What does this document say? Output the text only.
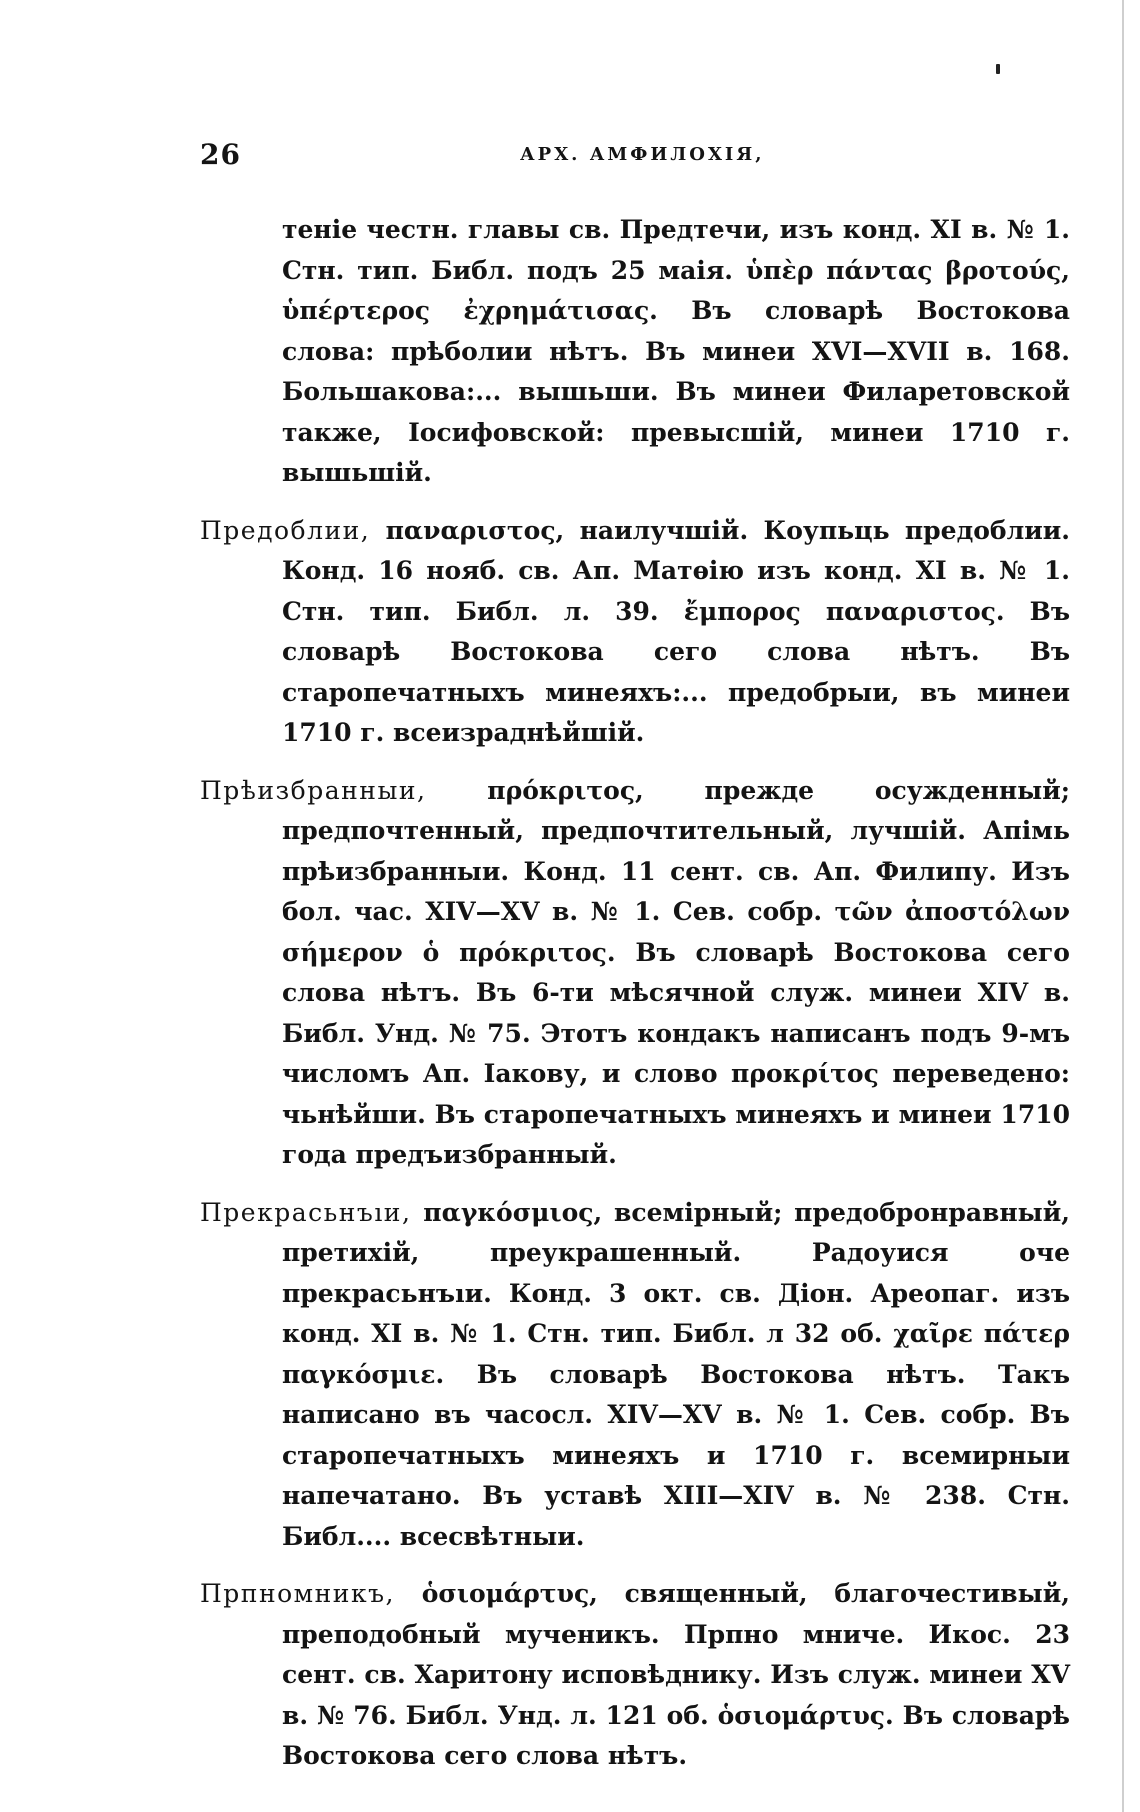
26	АРХ. АМФИЛОХІЯ,

теніе честн. главы св. Предтечи, изъ конд. XI в. № 1. Стн. тип. Библ. подъ 25 маія. ὑπὲρ πάντας βροτούς, ὑπέρτερος ἐχρημάτισας. Въ словарѣ Востокова слова: прѣболии нѣтъ. Въ минеи XVI—XVII в. 168. Большакова:... вышьши. Въ минеи Филаретовской также, Іосифовской: превысшій, минеи 1710 г. вышьшій.

Предоблии, παναριστος, наилучшій. Коупьць предоблии. Конд. 16 нояб. св. Ап. Матѳію изъ конд. XI в. № 1. Стн. тип. Библ. л. 39. ἔμπορος παναριστος. Въ словарѣ Востокова сего слова нѣтъ. Въ старопечатныхъ минеяхъ:... предобрыи, въ минеи 1710 г. всеизраднѣйшій.

Прѣизбранныи, πρόκριτος, прежде осужденный; предпочтенный, предпочтительный, лучшій. Апімь прѣизбранныи. Конд. 11 сент. св. Ап. Филипу. Изъ бол. час. XIV—XV в. № 1. Сев. собр. τῶν ἀποστόλων σήμερον ὁ πρόκριτος. Въ словарѣ Востокова сего слова нѣтъ. Въ 6-ти мѣсячной служ. минеи XIV в. Библ. Унд. № 75. Этотъ кондакъ написанъ подъ 9-мъ числомъ Ап. Іакову, и слово προκρίτος переведено: чьнѣйши. Въ старопечатныхъ минеяхъ и минеи 1710 года предъизбранный.

Прекрасьнъıи, παγκόσμιος, всемірный; предобронравный, претихій, преукрашенный. Радоуися оче прекрасьнъıи. Конд. 3 окт. св. Діон. Ареопаг. изъ конд. XI в. № 1. Стн. тип. Библ. л 32 об. χαῖρε πάτερ παγκόσμιε. Въ словарѣ Востокова нѣтъ. Такъ написано въ часосл. XIV—XV в. № 1. Сев. собр. Въ старопечатныхъ минеяхъ и 1710 г. всемирныи напечатано. Въ уставѣ XIII—XIV в. № 238. Стн. Библ.... всесвѣтныи.

Прпномникъ, ὁσιομάρτυς, священный, благочестивый, преподобный мученикъ. Прпно мниче. Икос. 23 сент. св. Харитону исповѣднику. Изъ служ. минеи XV в. № 76. Библ. Унд. л. 121 об. ὁσιομάρτυς. Въ словарѣ Востокова сего слова нѣтъ.
